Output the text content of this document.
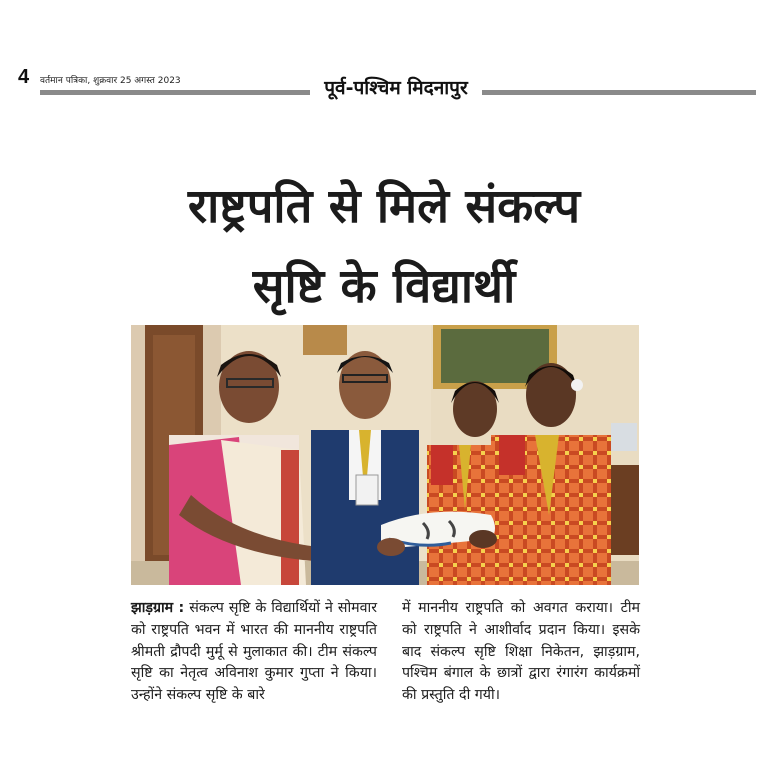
4 वर्तमान पत्रिका, शुक्रवार 25 अगस्त 2023	पूर्व-पश्चिम मिदनापुर
राष्ट्रपति से मिले संकल्प
सृष्टि के विद्यार्थी
झाड़ग्राम : संकल्प सृष्टि के विद्यार्थियों ने सोमवार को राष्ट्रपति भवन में भारत की माननीय राष्ट्रपति श्रीमती द्रौपदी मुर्मू से मुलाकात की। टीम संकल्प सृष्टि का नेतृत्व अविनाश कुमार गुप्ता ने किया। उन्होंने संकल्प सृष्टि के बारे
में माननीय राष्ट्रपति को अवगत कराया। टीम को राष्ट्रपति ने आशीर्वाद प्रदान किया। इसके बाद संकल्प सृष्टि शिक्षा निकेतन, झाड़ग्राम, पश्चिम बंगाल के छात्रों द्वारा रंगारंग कार्यक्रमों की प्रस्तुति दी गयी।
